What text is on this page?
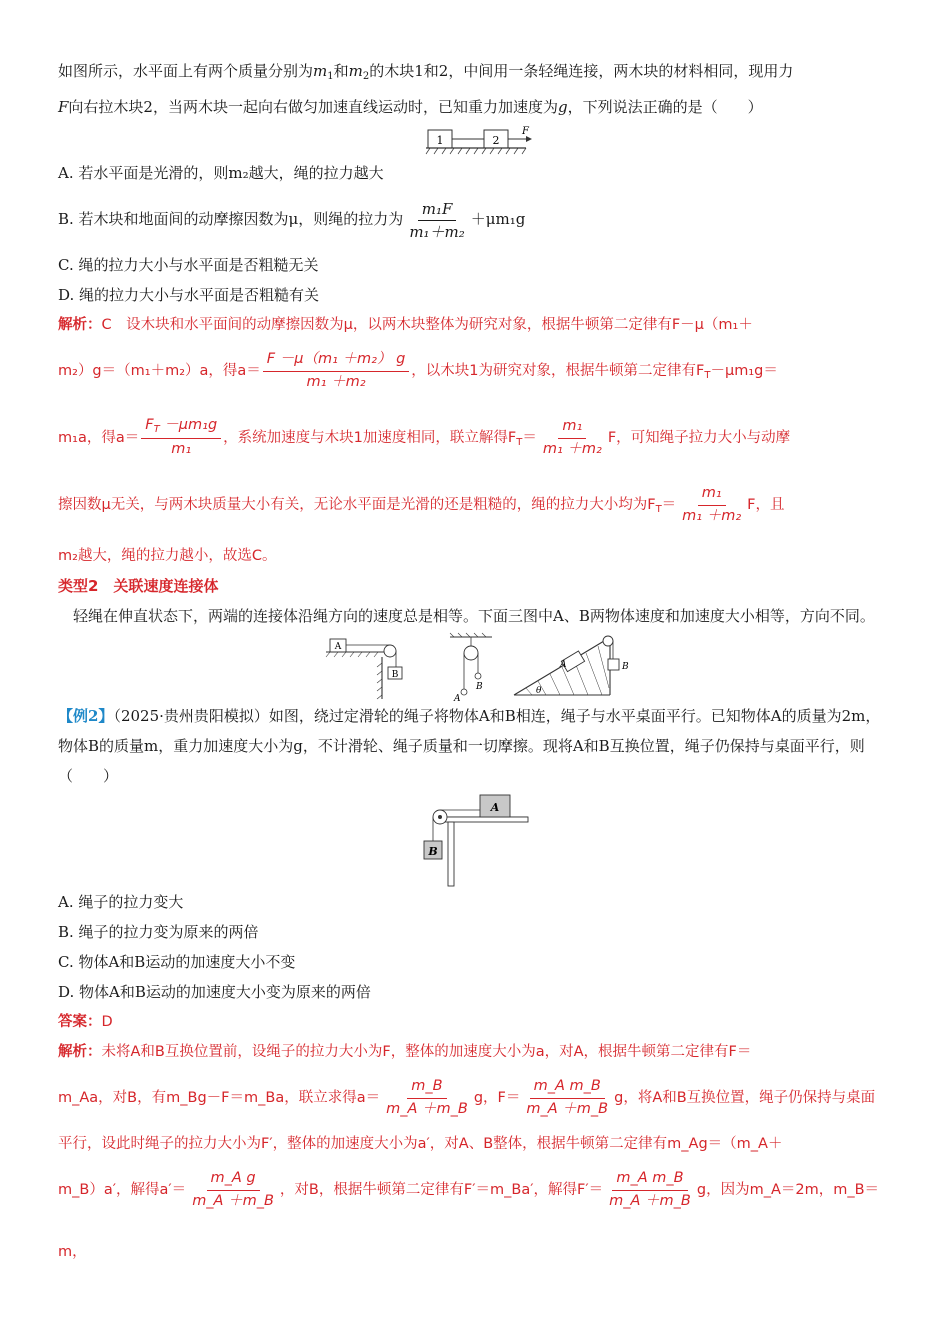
如图所示，水平面上有两个质量分别为$m_1$和$m_2$的木块1和2，中间用一条轻绳连接，两木块的材料相同，现用力
F向右拉木块2，当两木块一起向右做匀加速直线运动时，已知重力加速度为g，下列说法正确的是（　　）

1	2
F

A. 若水平面是光滑的，则m₂越大，绳的拉力越大

B. 若木块和地面间的动摩擦因数为μ，则绳的拉力为 $\frac{\text{m₁F}}{\text{m₁＋m₂}} +\mu m_1g$

C. 绳的拉力大小与水平面是否粗糙无关

D. 绳的拉力大小与水平面是否粗糙有关

解析：C　设木块和水平面间的动摩擦因数为μ，以两木块整体为研究对象，根据牛顿第二定律有F－μ（m₁＋

m₂）g＝（m₁＋m₂）a，得$a= \frac{\text{F －μ（m₁ ＋m₂） g}}{\text{m₁ ＋m₂}}$ ，以木块1为研究对象，根据牛顿第二定律有$F_T-\mu m_1g=$

m₁a，得$a= \frac{F_T -\mu m_1g}{\text{m₁}}$ ，系统加速度与木块1加速度相同，联立解得$F_T= \frac{\text{m₁}}{\text{m₁ ＋m₂}}$ F，可知绳子拉力大小与动摩

擦因数μ无关，与两木块质量大小有关，无论水平面是光滑的还是粗糙的，绳的拉力大小均为$F_T= \frac{\text{m₁}}{\text{m₁ ＋m₂}}$ F，且

m₂越大，绳的拉力越小，故选C。

类型2　关联速度连接体

轻绳在伸直状态下，两端的连接体沿绳方向的速度总是相等。下面三图中A、B两物体速度和加速度大小相等，方向不同。

A
B
A
B
A	B
θ

【例2】（2025·贵州贵阳模拟）如图，绕过定滑轮的绳子将物体A和B相连，绳子与水平桌面平行。已知物体A的质量为2m，物体B的质量m，重力加速度大小为g，不计滑轮、绳子质量和一切摩擦。现将A和B互换位置，绳子仍保持与桌面平行，则（　　）

A
B

A. 绳子的拉力变大

B. 绳子的拉力变为原来的两倍

C. 物体A和B运动的加速度大小不变

D. 物体A和B运动的加速度大小变为原来的两倍

答案：D

解析：未将A和B互换位置前，设绳子的拉力大小为F，整体的加速度大小为a，对A，根据牛顿第二定律有F＝

m_Aa，对B，有m_Bg－F＝m_Ba，联立求得$a= \frac{m\_B}{m\_A +m\_B}$ g，$F= \frac{\text{m\_A m\_B}}{m\_A +m\_B}$ g，将A和B互换位置，绳子仍保持与桌面

平行，设此时绳子的拉力大小为F′，整体的加速度大小为a′，对A、B整体，根据牛顿第二定律有m_Ag＝（m_A＋

m_B）a′，解得$a'= \frac{\text{m\_A g}}{m\_A +m\_B}$ ，对B，根据牛顿第二定律有F′＝m_Ba′，解得$F'= \frac{\text{m\_A m\_B}}{m\_A +m\_B}$ g，因为m_A＝2m，m_B＝m，
